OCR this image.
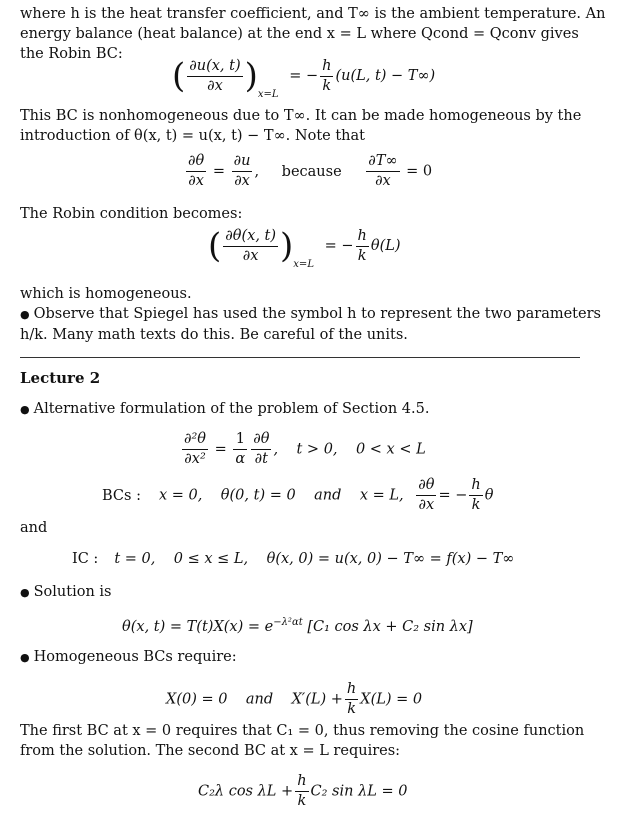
where h is the heat transfer coefficient, and T∞ is the ambient temperature. An
energy balance (heat balance) at the end x = L where Qcond = Qconv gives
the Robin BC:
( $\frac{\partial u(x, t)}{\partial x} )_{x=L}$ = − $\frac{h}{k} (u(L$, t) − T∞)
This BC is nonhomogeneous due to T∞. It can be made homogeneous by the
introduction of θ(x, t) = u(x, t) − T∞. Note that
$\frac{\partial\theta}{\partial x} = \frac{\partial u}{\partial x}$ , because $\frac{\partial T\infty}{\partial x} = 0$
The Robin condition becomes:
( $\frac{\partial\theta(x, t)}{\partial x} )_{x=L}$ = − $\frac{h}{k} \theta(L)$
which is homogeneous.
● Observe that Spiegel has used the symbol h to represent the two parameters
h/k. Many math texts do this. Be careful of the units.
Lecture 2
● Alternative formulation of the problem of Section 4.5.
$\frac{\text{∂²θ}}{\text{∂x²}} = \frac{1}{\alpha} \frac{\partial\theta}{\partial t}$ ,    t > 0,    0 < x < L
BCs : x = 0,    θ(0, t) = 0    and    x = L, $\frac{\partial\theta}{\partial x}$ = − $\frac{h}{k}$ θ
and
IC : t = 0,    0 ≤ x ≤ L,    θ(x, 0) = u(x, 0) − T∞ = f(x) − T∞
● Solution is
θ(x, $t) = T(t)X(x) = e^{-\lambda^2\alpha t}$ [C₁ cos λx + C₂ sin λx]
● Homogeneous BCs require:
X(0) = 0    and    $X'(L) + \frac{h}{k} X(L) = 0$
The first BC at x = 0 requires that C₁ = 0, thus removing the cosine function
from the solution. The second BC at x = L requires:
C₂λ $\cos \lambda L + \frac{h}{k} C_2$ sin λL = 0
